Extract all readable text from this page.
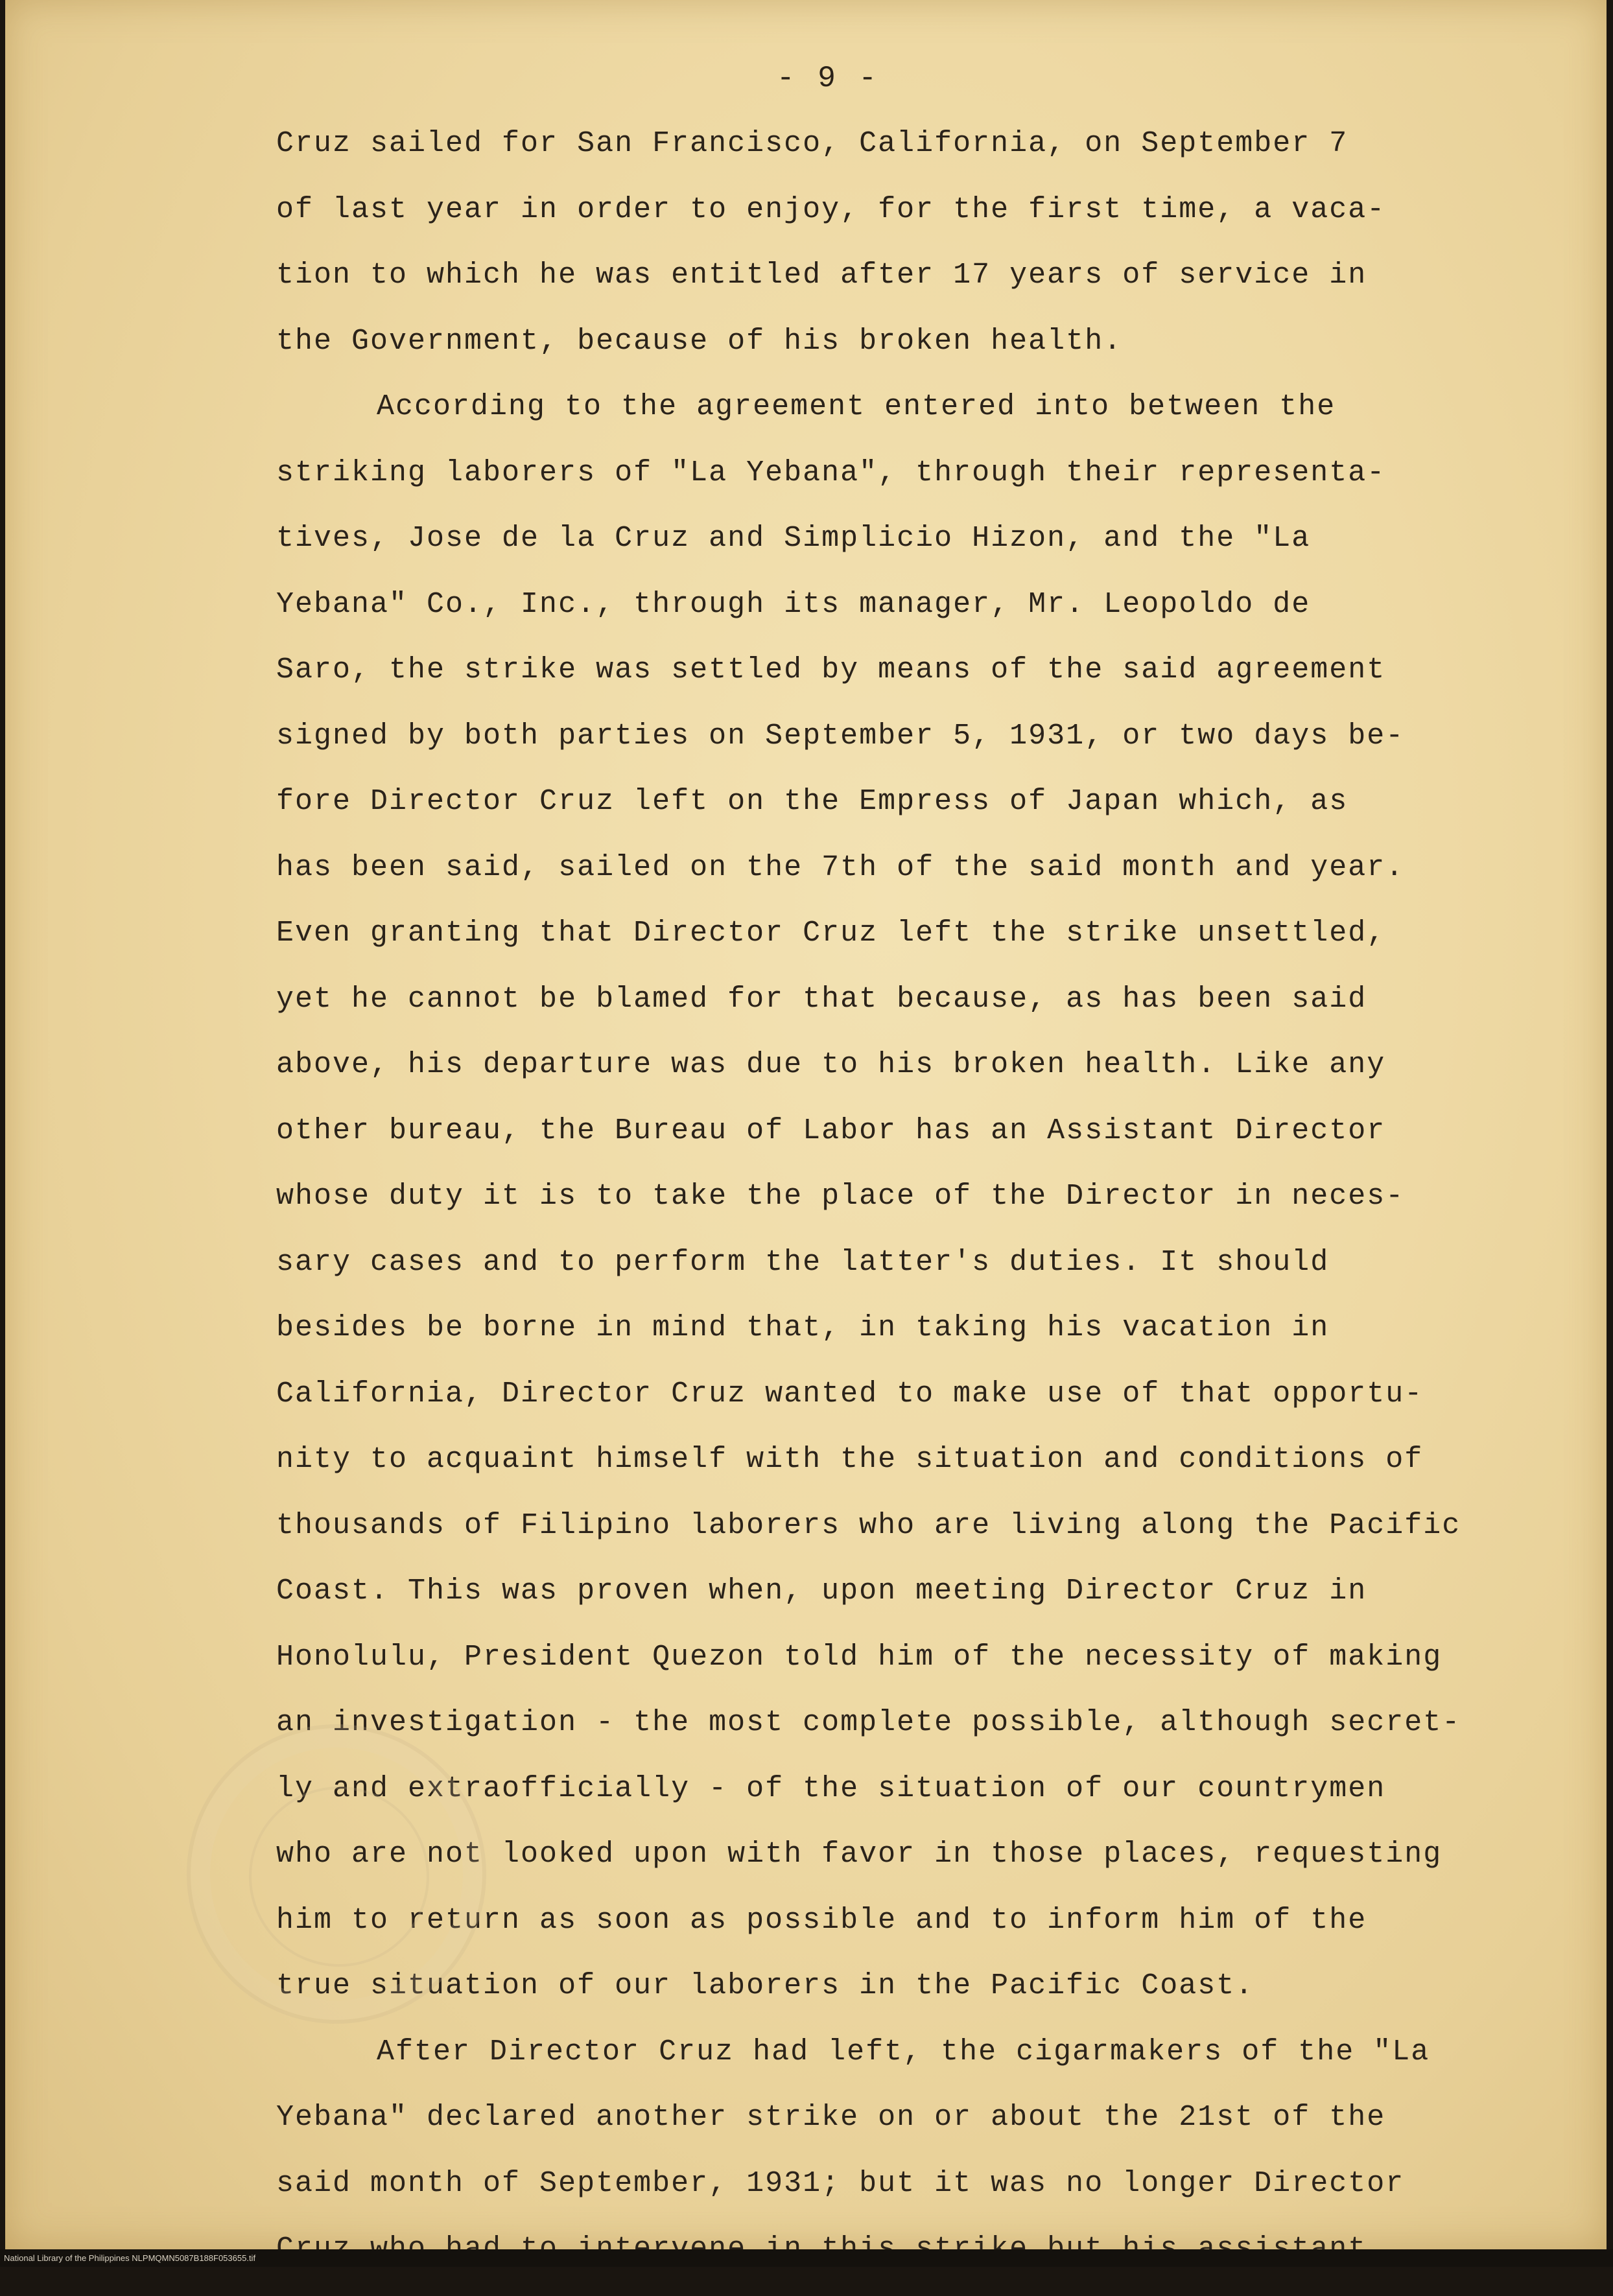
- 9 -
Cruz sailed for San Francisco, California, on September 7
of last year in order to enjoy, for the first time, a vaca-
tion to which he was entitled after 17 years of service in
the Government, because of his broken health.
According to the agreement entered into between the
striking laborers of "La Yebana", through their representa-
tives, Jose de la Cruz and Simplicio Hizon, and the "La
Yebana" Co., Inc., through its manager, Mr. Leopoldo de
Saro, the strike was settled by means of the said agreement
signed by both parties on September 5, 1931, or two days be-
fore Director Cruz left on the Empress of Japan which, as
has been said, sailed on the 7th of the said month and year.
Even granting that Director Cruz left the strike unsettled,
yet he cannot be blamed for that because, as has been said
above, his departure was due to his broken health. Like any
other bureau, the Bureau of Labor has an Assistant Director
whose duty it is to take the place of the Director in neces-
sary cases and to perform the latter's duties. It should
besides be borne in mind that, in taking his vacation in
California, Director Cruz wanted to make use of that opportu-
nity to acquaint himself with the situation and conditions of
thousands of Filipino laborers who are living along the Pacific
Coast. This was proven when, upon meeting Director Cruz in
Honolulu, President Quezon told him of the necessity of making
an investigation - the most complete possible, although secret-
ly and extraofficially - of the situation of our countrymen
who are not looked upon with favor in those places, requesting
him to return as soon as possible and to inform him of the
true situation of our laborers in the Pacific Coast.
After Director Cruz had left, the cigarmakers of the "La
Yebana" declared another strike on or about the 21st of the
said month of September, 1931; but it was no longer Director
National Library of the Philippines NLPMQMN5087B188F053655.tif
